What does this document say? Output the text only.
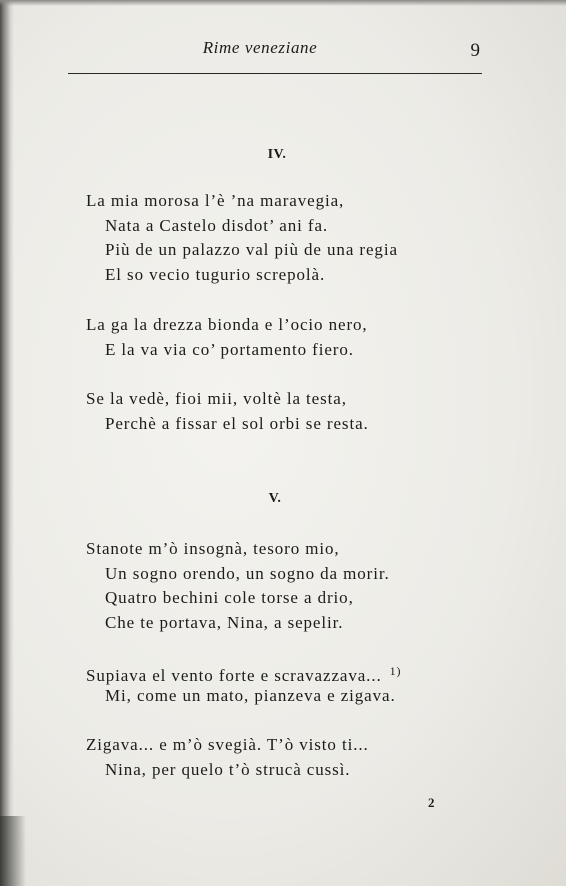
Rime veneziane	9
IV.
La mia morosa l’è ’na maravegia,
Nata a Castelo disdot’ ani fa.
Più de un palazzo val più de una regia
El so vecio tugurio screpolà.
La ga la drezza bionda e l’ocio nero,
E la va via co’ portamento fiero.
Se la vedè, fioi mii, voltè la testa,
Perchè a fissar el sol orbi se resta.
V.
Stanote m’ò insognà, tesoro mio,
Un sogno orendo, un sogno da morir.
Quatro bechini cole torse a drio,
Che te portava, Nina, a sepelir.
Supiava el vento forte e scravazzava... $^{1)}$
Mi, come un mato, pianzeva e zigava.
Zigava... e m’ò svegià. T’ò visto ti...
Nina, per quelo t’ò strucà cussì.
2
